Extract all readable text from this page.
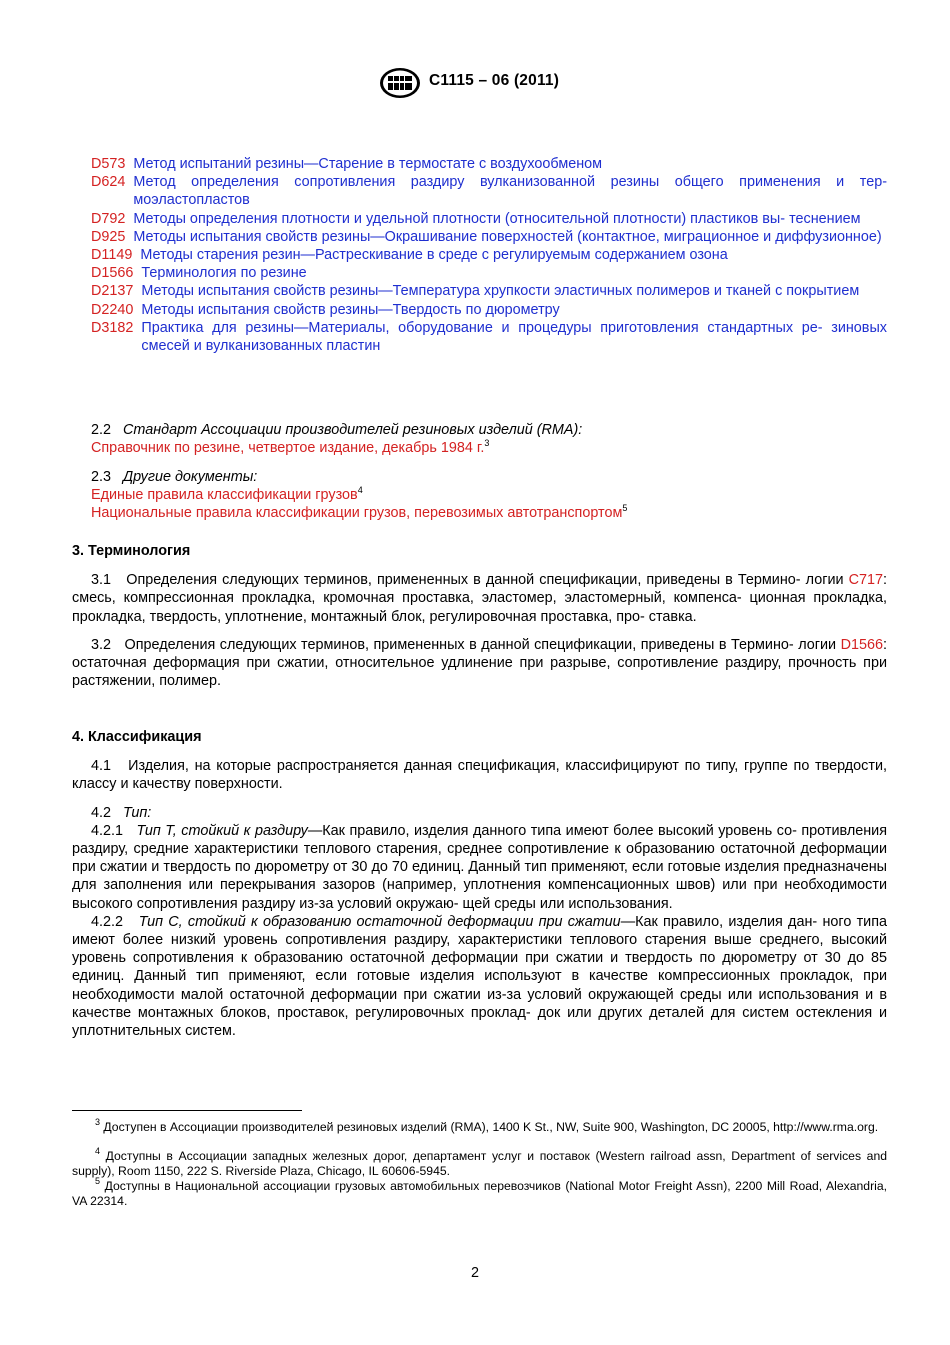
C1115 – 06 (2011)
D573 Метод испытаний резины—Старение в термостате с воздухообменом
D624 Метод определения сопротивления раздиру вулканизованной резины общего применения и тер- моэластопластов
D792 Методы определения плотности и удельной плотности (относительной плотности) пластиков вы- теснением
D925 Методы испытания свойств резины—Окрашивание поверхностей (контактное, миграционное и диффузионное)
D1149 Методы старения резин—Растрескивание в среде с регулируемым содержанием озона
D1566 Терминология по резине
D2137 Методы испытания свойств резины—Температура хрупкости эластичных полимеров и тканей с покрытием
D2240 Методы испытания свойств резины—Твердость по дюрометру
D3182 Практика для резины—Материалы, оборудование и процедуры приготовления стандартных ре- зиновых смесей и вулканизованных пластин
2.2 Стандарт Ассоциации производителей резиновых изделий (RMA):
Справочник по резине, четвертое издание, декабрь 1984 г.$^3$
2.3 Другие документы:
Единые правила классификации грузов$^4$
Национальные правила классификации грузов, перевозимых автотранспортом$^5$
3. Терминология
3.1 Определения следующих терминов, примененных в данной спецификации, приведены в Термино- логии C717: смесь, компрессионная прокладка, кромочная проставка, эластомер, эластомерный, компенса- ционная прокладка, прокладка, твердость, уплотнение, монтажный блок, регулировочная проставка, про- ставка.
3.2 Определения следующих терминов, примененных в данной спецификации, приведены в Термино- логии D1566: остаточная деформация при сжатии, относительное удлинение при разрыве, сопротивление раздиру, прочность при растяжении, полимер.
4. Классификация
4.1 Изделия, на которые распространяется данная спецификация, классифицируют по типу, группе по твердости, классу и качеству поверхности.
4.2 Тип:
4.2.1 Тип Т, стойкий к раздиру—Как правило, изделия данного типа имеют более высокий уровень со- противления раздиру, средние характеристики теплового старения, среднее сопротивление к образованию остаточной деформации при сжатии и твердость по дюрометру от 30 до 70 единиц. Данный тип применяют, если готовые изделия предназначены для заполнения или перекрывания зазоров (например, уплотнения компенсационных швов) или при необходимости высокого сопротивления раздиру из-за условий окружаю- щей среды или использования.
4.2.2 Тип С, стойкий к образованию остаточной деформации при сжатии—Как правило, изделия дан- ного типа имеют более низкий уровень сопротивления раздиру, характеристики теплового старения выше среднего, высокий уровень сопротивления к образованию остаточной деформации при сжатии и твердость по дюрометру от 30 до 85 единиц. Данный тип применяют, если готовые изделия используют в качестве компрессионных прокладок, при необходимости малой остаточной деформации при сжатии из-за условий окружающей среды или использования и в качестве монтажных блоков, проставок, регулировочных проклад- док или других деталей для систем остекления и уплотнительных систем.
$^3$ Доступен в Ассоциации производителей резиновых изделий (RMA), 1400 K St., NW, Suite 900, Washington, DC 20005, http://www.rma.org.
$^4$ Доступны в Ассоциации западных железных дорог, департамент услуг и поставок (Western railroad assn, Department of services and supply), Room 1150, 222 S. Riverside Plaza, Chicago, IL 60606-5945.
$^5$ Доступны в Национальной ассоциации грузовых автомобильных перевозчиков (National Motor Freight Assn), 2200 Mill Road, Alexandria, VA 22314.
2
